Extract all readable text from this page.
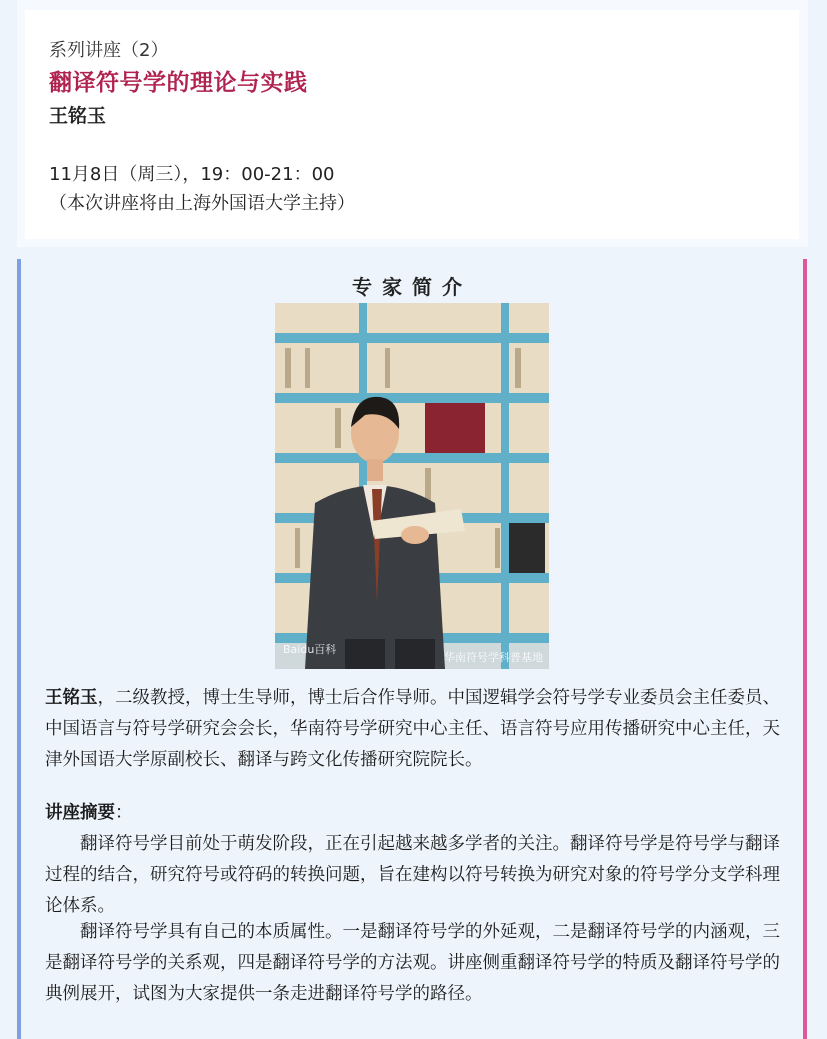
系列讲座（2）
翻译符号学的理论与实践
王铭玉
11月8日（周三），19：00-21：00
（本次讲座将由上海外国语大学主持）
专家简介
Baidu百科
华南符号学科普基地
王铭玉，二级教授，博士生导师，博士后合作导师。中国逻辑学会符号学专业委员会主任委员、中国语言与符号学研究会会长，华南符号学研究中心主任、语言符号应用传播研究中心主任，天津外国语大学原副校长、翻译与跨文化传播研究院院长。
讲座摘要：
翻译符号学目前处于萌发阶段，正在引起越来越多学者的关注。翻译符号学是符号学与翻译过程的结合，研究符号或符码的转换问题，旨在建构以符号转换为研究对象的符号学分支学科理论体系。
翻译符号学具有自己的本质属性。一是翻译符号学的外延观，二是翻译符号学的内涵观，三是翻译符号学的关系观，四是翻译符号学的方法观。讲座侧重翻译符号学的特质及翻译符号学的典例展开，试图为大家提供一条走进翻译符号学的路径。
